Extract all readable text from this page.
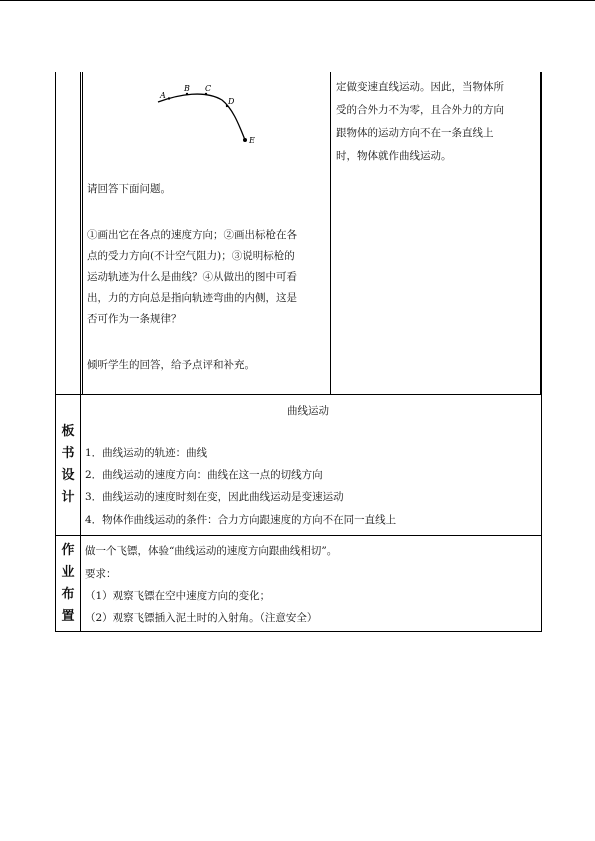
A
B C
D
E
请回答下面问题。
①画出它在各点的速度方向；②画出标枪在各
点的受力方向(不计空气阻力)；③说明标枪的
运动轨迹为什么是曲线？④从做出的图中可看
出，力的方向总是指向轨迹弯曲的内侧，这是
否可作为一条规律？
倾听学生的回答，给予点评和补充。
定做变速直线运动。因此，当物体所
受的合外力不为零，且合外力的方向
跟物体的运动方向不在一条直线上
时，物体就作曲线运动。
板
书
设
计
曲线运动
1．曲线运动的轨迹：曲线
2．曲线运动的速度方向：曲线在这一点的切线方向
3．曲线运动的速度时刻在变，因此曲线运动是变速运动
4．物体作曲线运动的条件：合力方向跟速度的方向不在同一直线上
作
业
布
置
做一个飞镖，体验“曲线运动的速度方向跟曲线相切”。
要求：
（1）观察飞镖在空中速度方向的变化；
（2）观察飞镖插入泥土时的入射角。（注意安全）
